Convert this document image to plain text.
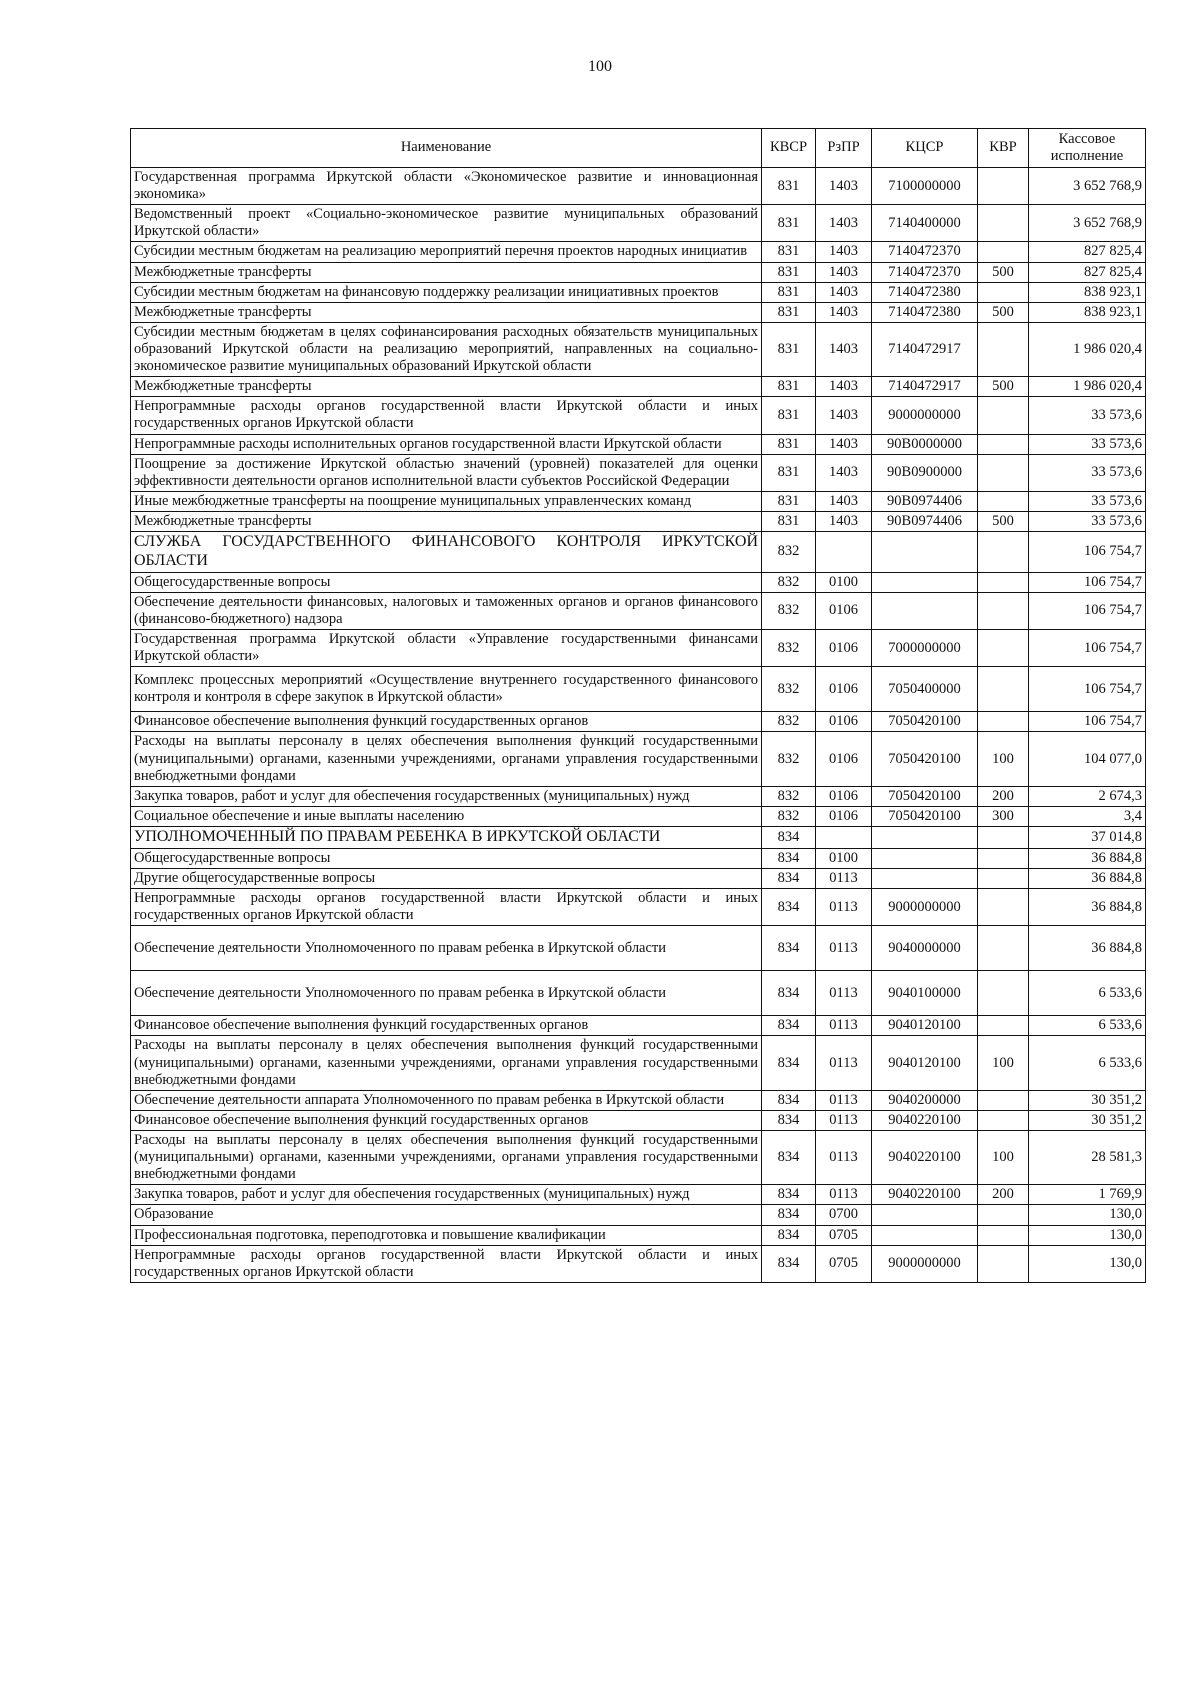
100
Наименование	КВСР	РзПР	КЦСР	КВР	Кассовое исполнение
Государственная программа Иркутской области «Экономическое развитие и инновационная экономика»	831	1403	7100000000		3 652 768,9
Ведомственный проект «Социально-экономическое развитие муниципальных образований Иркутской области»	831	1403	7140400000		3 652 768,9
Субсидии местным бюджетам на реализацию мероприятий перечня проектов народных инициатив	831	1403	7140472370		827 825,4
Межбюджетные трансферты	831	1403	7140472370	500	827 825,4
Субсидии местным бюджетам на финансовую поддержку реализации инициативных проектов	831	1403	7140472380		838 923,1
Межбюджетные трансферты	831	1403	7140472380	500	838 923,1
Субсидии местным бюджетам в целях софинансирования расходных обязательств муниципальных образований Иркутской области на реализацию мероприятий, направленных на социально-экономическое развитие муниципальных образований Иркутской области	831	1403	7140472917		1 986 020,4
Межбюджетные трансферты	831	1403	7140472917	500	1 986 020,4
Непрограммные расходы органов государственной власти Иркутской области и иных государственных органов Иркутской области	831	1403	9000000000		33 573,6
Непрограммные расходы исполнительных органов государственной власти Иркутской области	831	1403	90В0000000		33 573,6
Поощрение за достижение Иркутской областью значений (уровней) показателей для оценки эффективности деятельности органов исполнительной власти субъектов Российской Федерации	831	1403	90В0900000		33 573,6
Иные межбюджетные трансферты на поощрение муниципальных управленческих команд	831	1403	90В0974406		33 573,6
Межбюджетные трансферты	831	1403	90В0974406	500	33 573,6
СЛУЖБА ГОСУДАРСТВЕННОГО ФИНАНСОВОГО КОНТРОЛЯ ИРКУТСКОЙ ОБЛАСТИ	832				106 754,7
Общегосударственные вопросы	832	0100			106 754,7
Обеспечение деятельности финансовых, налоговых и таможенных органов и органов финансового (финансово-бюджетного) надзора	832	0106			106 754,7
Государственная программа Иркутской области «Управление государственными финансами Иркутской области»	832	0106	7000000000		106 754,7
Комплекс процессных мероприятий «Осуществление внутреннего государственного финансового контроля и контроля в сфере закупок в Иркутской области»	832	0106	7050400000		106 754,7
Финансовое обеспечение выполнения функций государственных органов	832	0106	7050420100		106 754,7
Расходы на выплаты персоналу в целях обеспечения выполнения функций государственными (муниципальными) органами, казенными учреждениями, органами управления государственными внебюджетными фондами	832	0106	7050420100	100	104 077,0
Закупка товаров, работ и услуг для обеспечения государственных (муниципальных) нужд	832	0106	7050420100	200	2 674,3
Социальное обеспечение и иные выплаты населению	832	0106	7050420100	300	3,4
УПОЛНОМОЧЕННЫЙ ПО ПРАВАМ РЕБЕНКА В ИРКУТСКОЙ ОБЛАСТИ	834				37 014,8
Общегосударственные вопросы	834	0100			36 884,8
Другие общегосударственные вопросы	834	0113			36 884,8
Непрограммные расходы органов государственной власти Иркутской области и иных государственных органов Иркутской области	834	0113	9000000000		36 884,8
Обеспечение деятельности Уполномоченного по правам ребенка в Иркутской области	834	0113	9040000000		36 884,8
Обеспечение деятельности Уполномоченного по правам ребенка в Иркутской области	834	0113	9040100000		6 533,6
Финансовое обеспечение выполнения функций государственных органов	834	0113	9040120100		6 533,6
Расходы на выплаты персоналу в целях обеспечения выполнения функций государственными (муниципальными) органами, казенными учреждениями, органами управления государственными внебюджетными фондами	834	0113	9040120100	100	6 533,6
Обеспечение деятельности аппарата Уполномоченного по правам ребенка в Иркутской области	834	0113	9040200000		30 351,2
Финансовое обеспечение выполнения функций государственных органов	834	0113	9040220100		30 351,2
Расходы на выплаты персоналу в целях обеспечения выполнения функций государственными (муниципальными) органами, казенными учреждениями, органами управления государственными внебюджетными фондами	834	0113	9040220100	100	28 581,3
Закупка товаров, работ и услуг для обеспечения государственных (муниципальных) нужд	834	0113	9040220100	200	1 769,9
Образование	834	0700			130,0
Профессиональная подготовка, переподготовка и повышение квалификации	834	0705			130,0
Непрограммные расходы органов государственной власти Иркутской области и иных государственных органов Иркутской области	834	0705	9000000000		130,0
